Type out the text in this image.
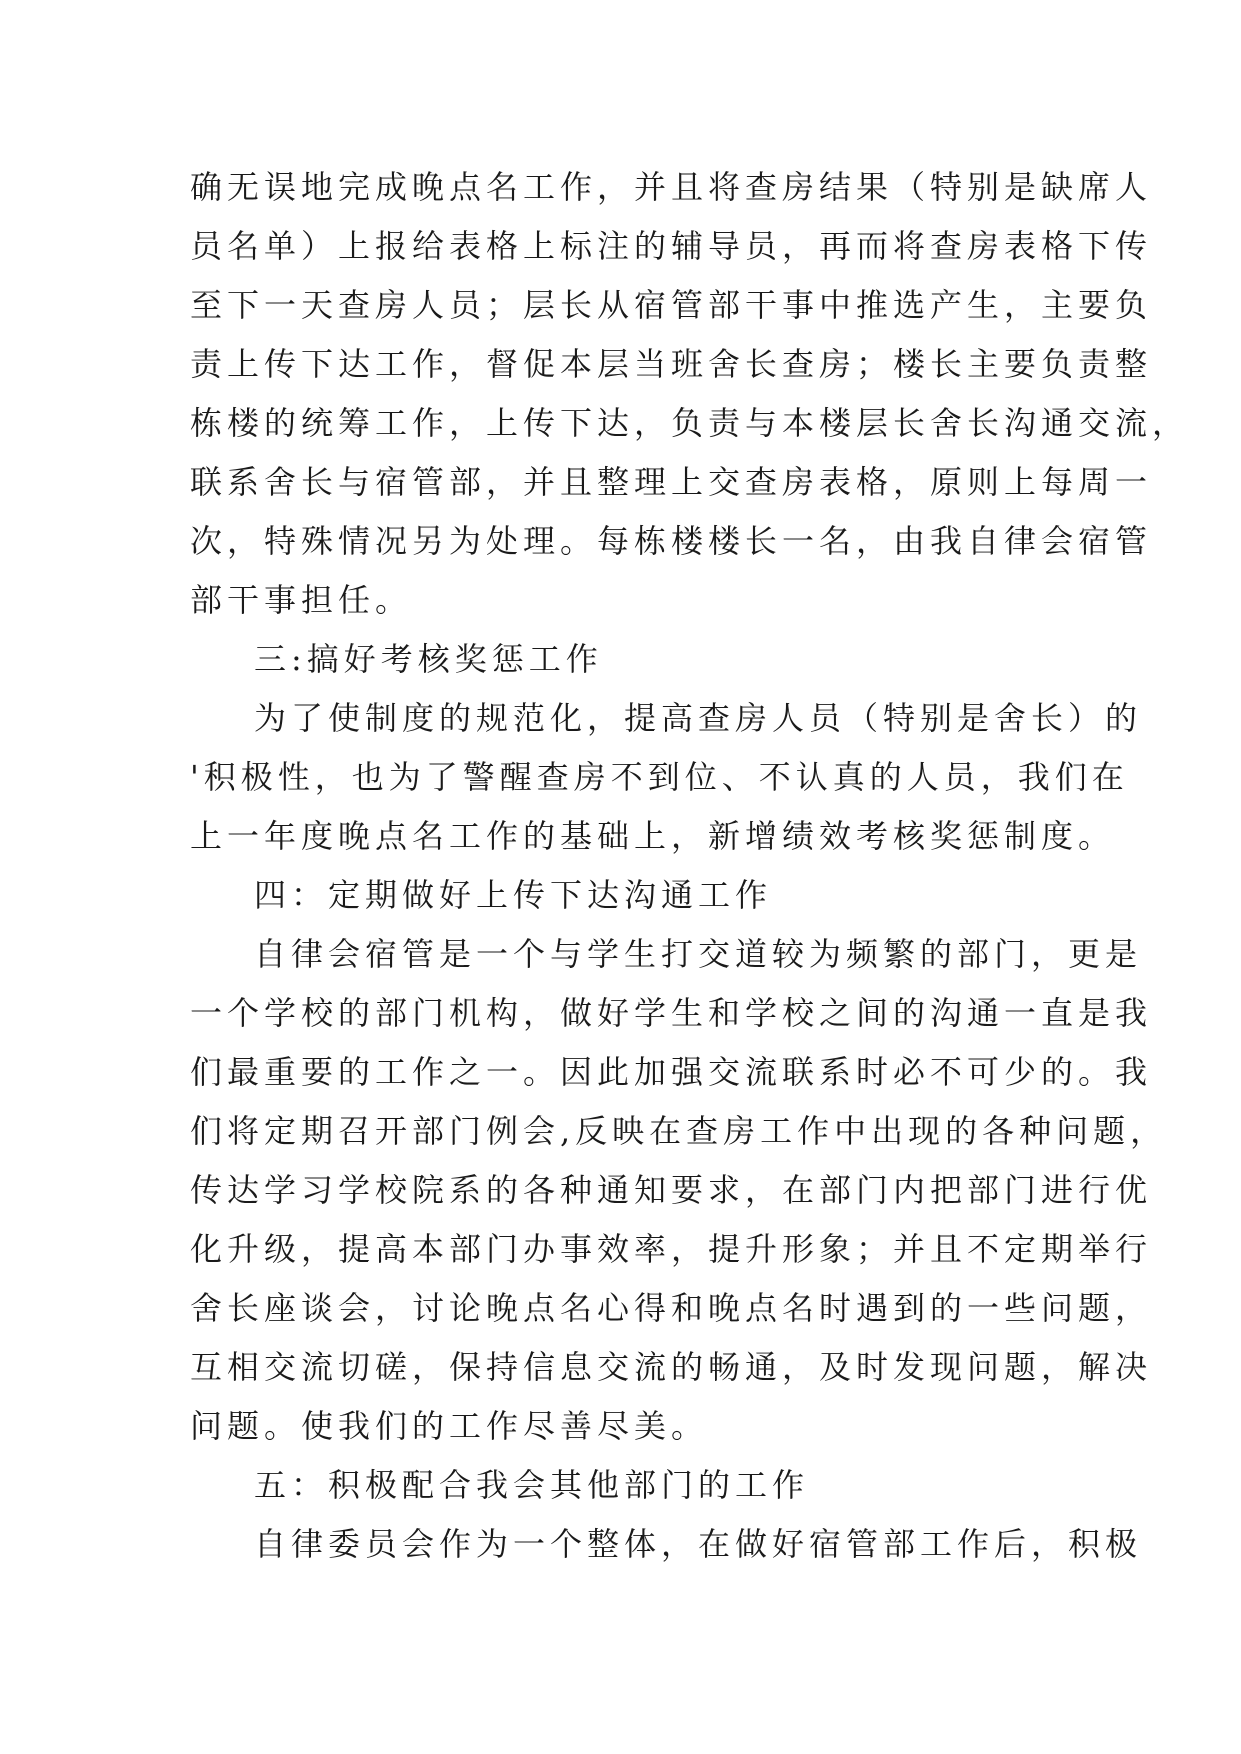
确无误地完成晚点名工作，并且将查房结果（特别是缺席人
员名单）上报给表格上标注的辅导员，再而将查房表格下传
至下一天查房人员；层长从宿管部干事中推选产生，主要负
责上传下达工作，督促本层当班舍长查房；楼长主要负责整
栋楼的统筹工作，上传下达，负责与本楼层长舍长沟通交流，
联系舍长与宿管部，并且整理上交查房表格，原则上每周一
次，特殊情况另为处理。每栋楼楼长一名，由我自律会宿管
部干事担任。
三:搞好考核奖惩工作
为了使制度的规范化，提高查房人员（特别是舍长）的
'积极性，也为了警醒查房不到位、不认真的人员，我们在
上一年度晚点名工作的基础上，新增绩效考核奖惩制度。
四：定期做好上传下达沟通工作
自律会宿管是一个与学生打交道较为频繁的部门，更是
一个学校的部门机构，做好学生和学校之间的沟通一直是我
们最重要的工作之一。因此加强交流联系时必不可少的。我
们将定期召开部门例会,反映在查房工作中出现的各种问题，
传达学习学校院系的各种通知要求，在部门内把部门进行优
化升级，提高本部门办事效率，提升形象；并且不定期举行
舍长座谈会，讨论晚点名心得和晚点名时遇到的一些问题，
互相交流切磋，保持信息交流的畅通，及时发现问题，解决
问题。使我们的工作尽善尽美。
五：积极配合我会其他部门的工作
自律委员会作为一个整体，在做好宿管部工作后，积极
